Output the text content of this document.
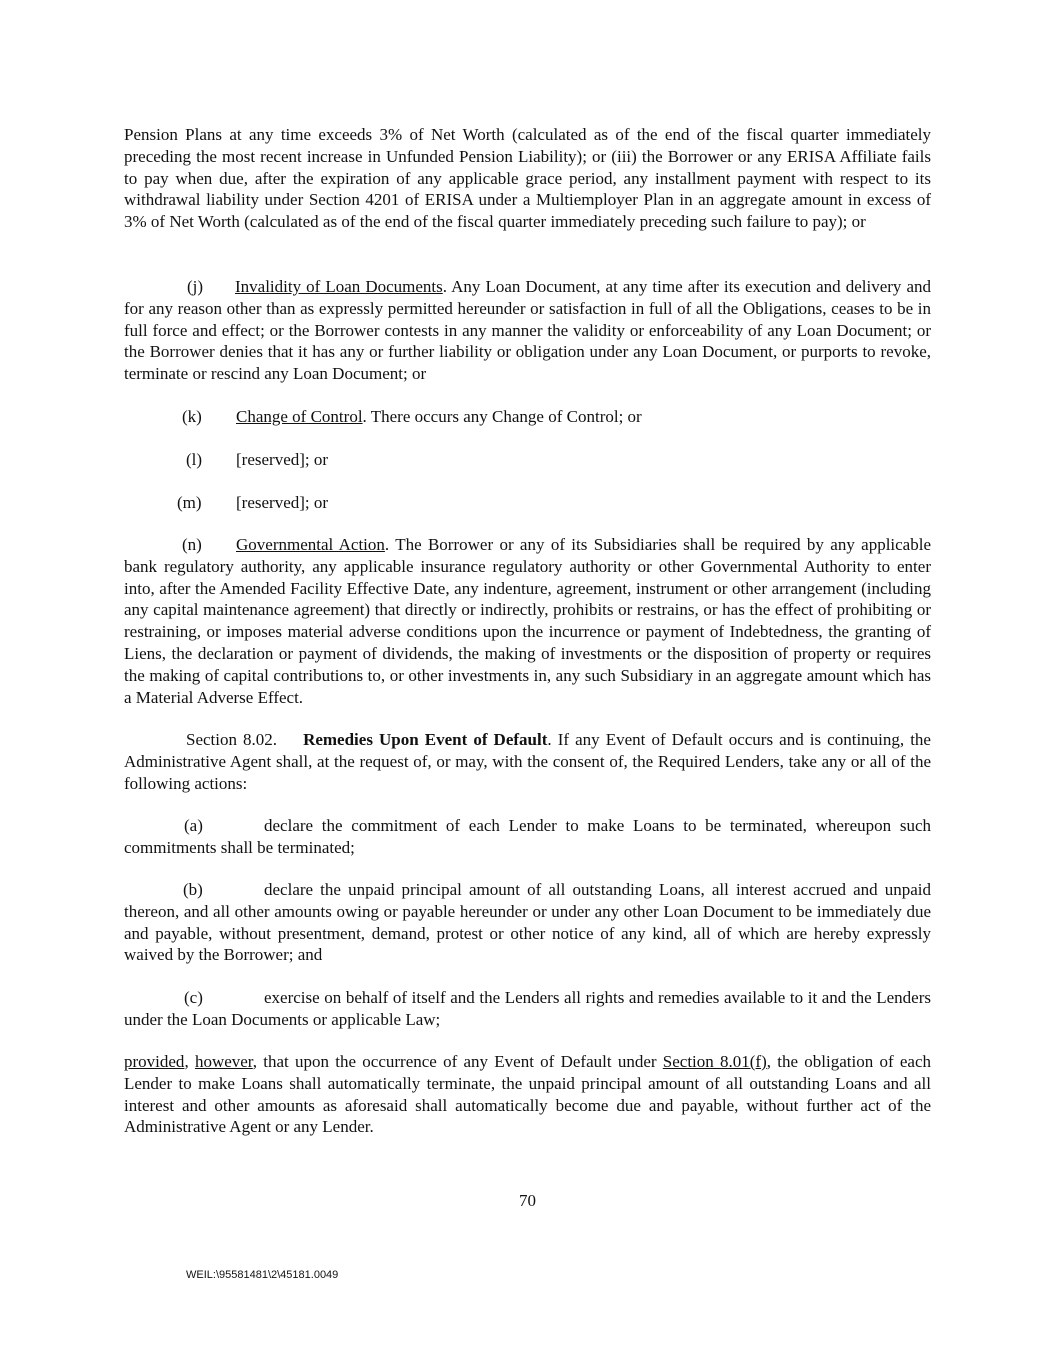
Pension Plans at any time exceeds 3% of Net Worth (calculated as of the end of the fiscal quarter immediately preceding the most recent increase in Unfunded Pension Liability); or (iii) the Borrower or any ERISA Affiliate fails to pay when due, after the expiration of any applicable grace period, any installment payment with respect to its withdrawal liability under Section 4201 of ERISA under a Multiemployer Plan in an aggregate amount in excess of 3% of Net Worth (calculated as of the end of the fiscal quarter immediately preceding such failure to pay); or

(j) Invalidity of Loan Documents. Any Loan Document, at any time after its execution and delivery and for any reason other than as expressly permitted hereunder or satisfaction in full of all the Obligations, ceases to be in full force and effect; or the Borrower contests in any manner the validity or enforceability of any Loan Document; or the Borrower denies that it has any or further liability or obligation under any Loan Document, or purports to revoke, terminate or rescind any Loan Document; or

(k) Change of Control. There occurs any Change of Control; or

(l) [reserved]; or

(m) [reserved]; or

(n) Governmental Action. The Borrower or any of its Subsidiaries shall be required by any applicable bank regulatory authority, any applicable insurance regulatory authority or other Governmental Authority to enter into, after the Amended Facility Effective Date, any indenture, agreement, instrument or other arrangement (including any capital maintenance agreement) that directly or indirectly, prohibits or restrains, or has the effect of prohibiting or restraining, or imposes material adverse conditions upon the incurrence or payment of Indebtedness, the granting of Liens, the declaration or payment of dividends, the making of investments or the disposition of property or requires the making of capital contributions to, or other investments in, any such Subsidiary in an aggregate amount which has a Material Adverse Effect.

Section 8.02. Remedies Upon Event of Default. If any Event of Default occurs and is continuing, the Administrative Agent shall, at the request of, or may, with the consent of, the Required Lenders, take any or all of the following actions:

(a)	declare the commitment of each Lender to make Loans to be terminated, whereupon such commitments shall be terminated;

(b)	declare the unpaid principal amount of all outstanding Loans, all interest accrued and unpaid thereon, and all other amounts owing or payable hereunder or under any other Loan Document to be immediately due and payable, without presentment, demand, protest or other notice of any kind, all of which are hereby expressly waived by the Borrower; and

(c)	exercise on behalf of itself and the Lenders all rights and remedies available to it and the Lenders under the Loan Documents or applicable Law;

provided, however, that upon the occurrence of any Event of Default under Section 8.01(f), the obligation of each Lender to make Loans shall automatically terminate, the unpaid principal amount of all outstanding Loans and all interest and other amounts as aforesaid shall automatically become due and payable, without further act of the Administrative Agent or any Lender.

70
WEIL:\95581481\2\45181.0049
